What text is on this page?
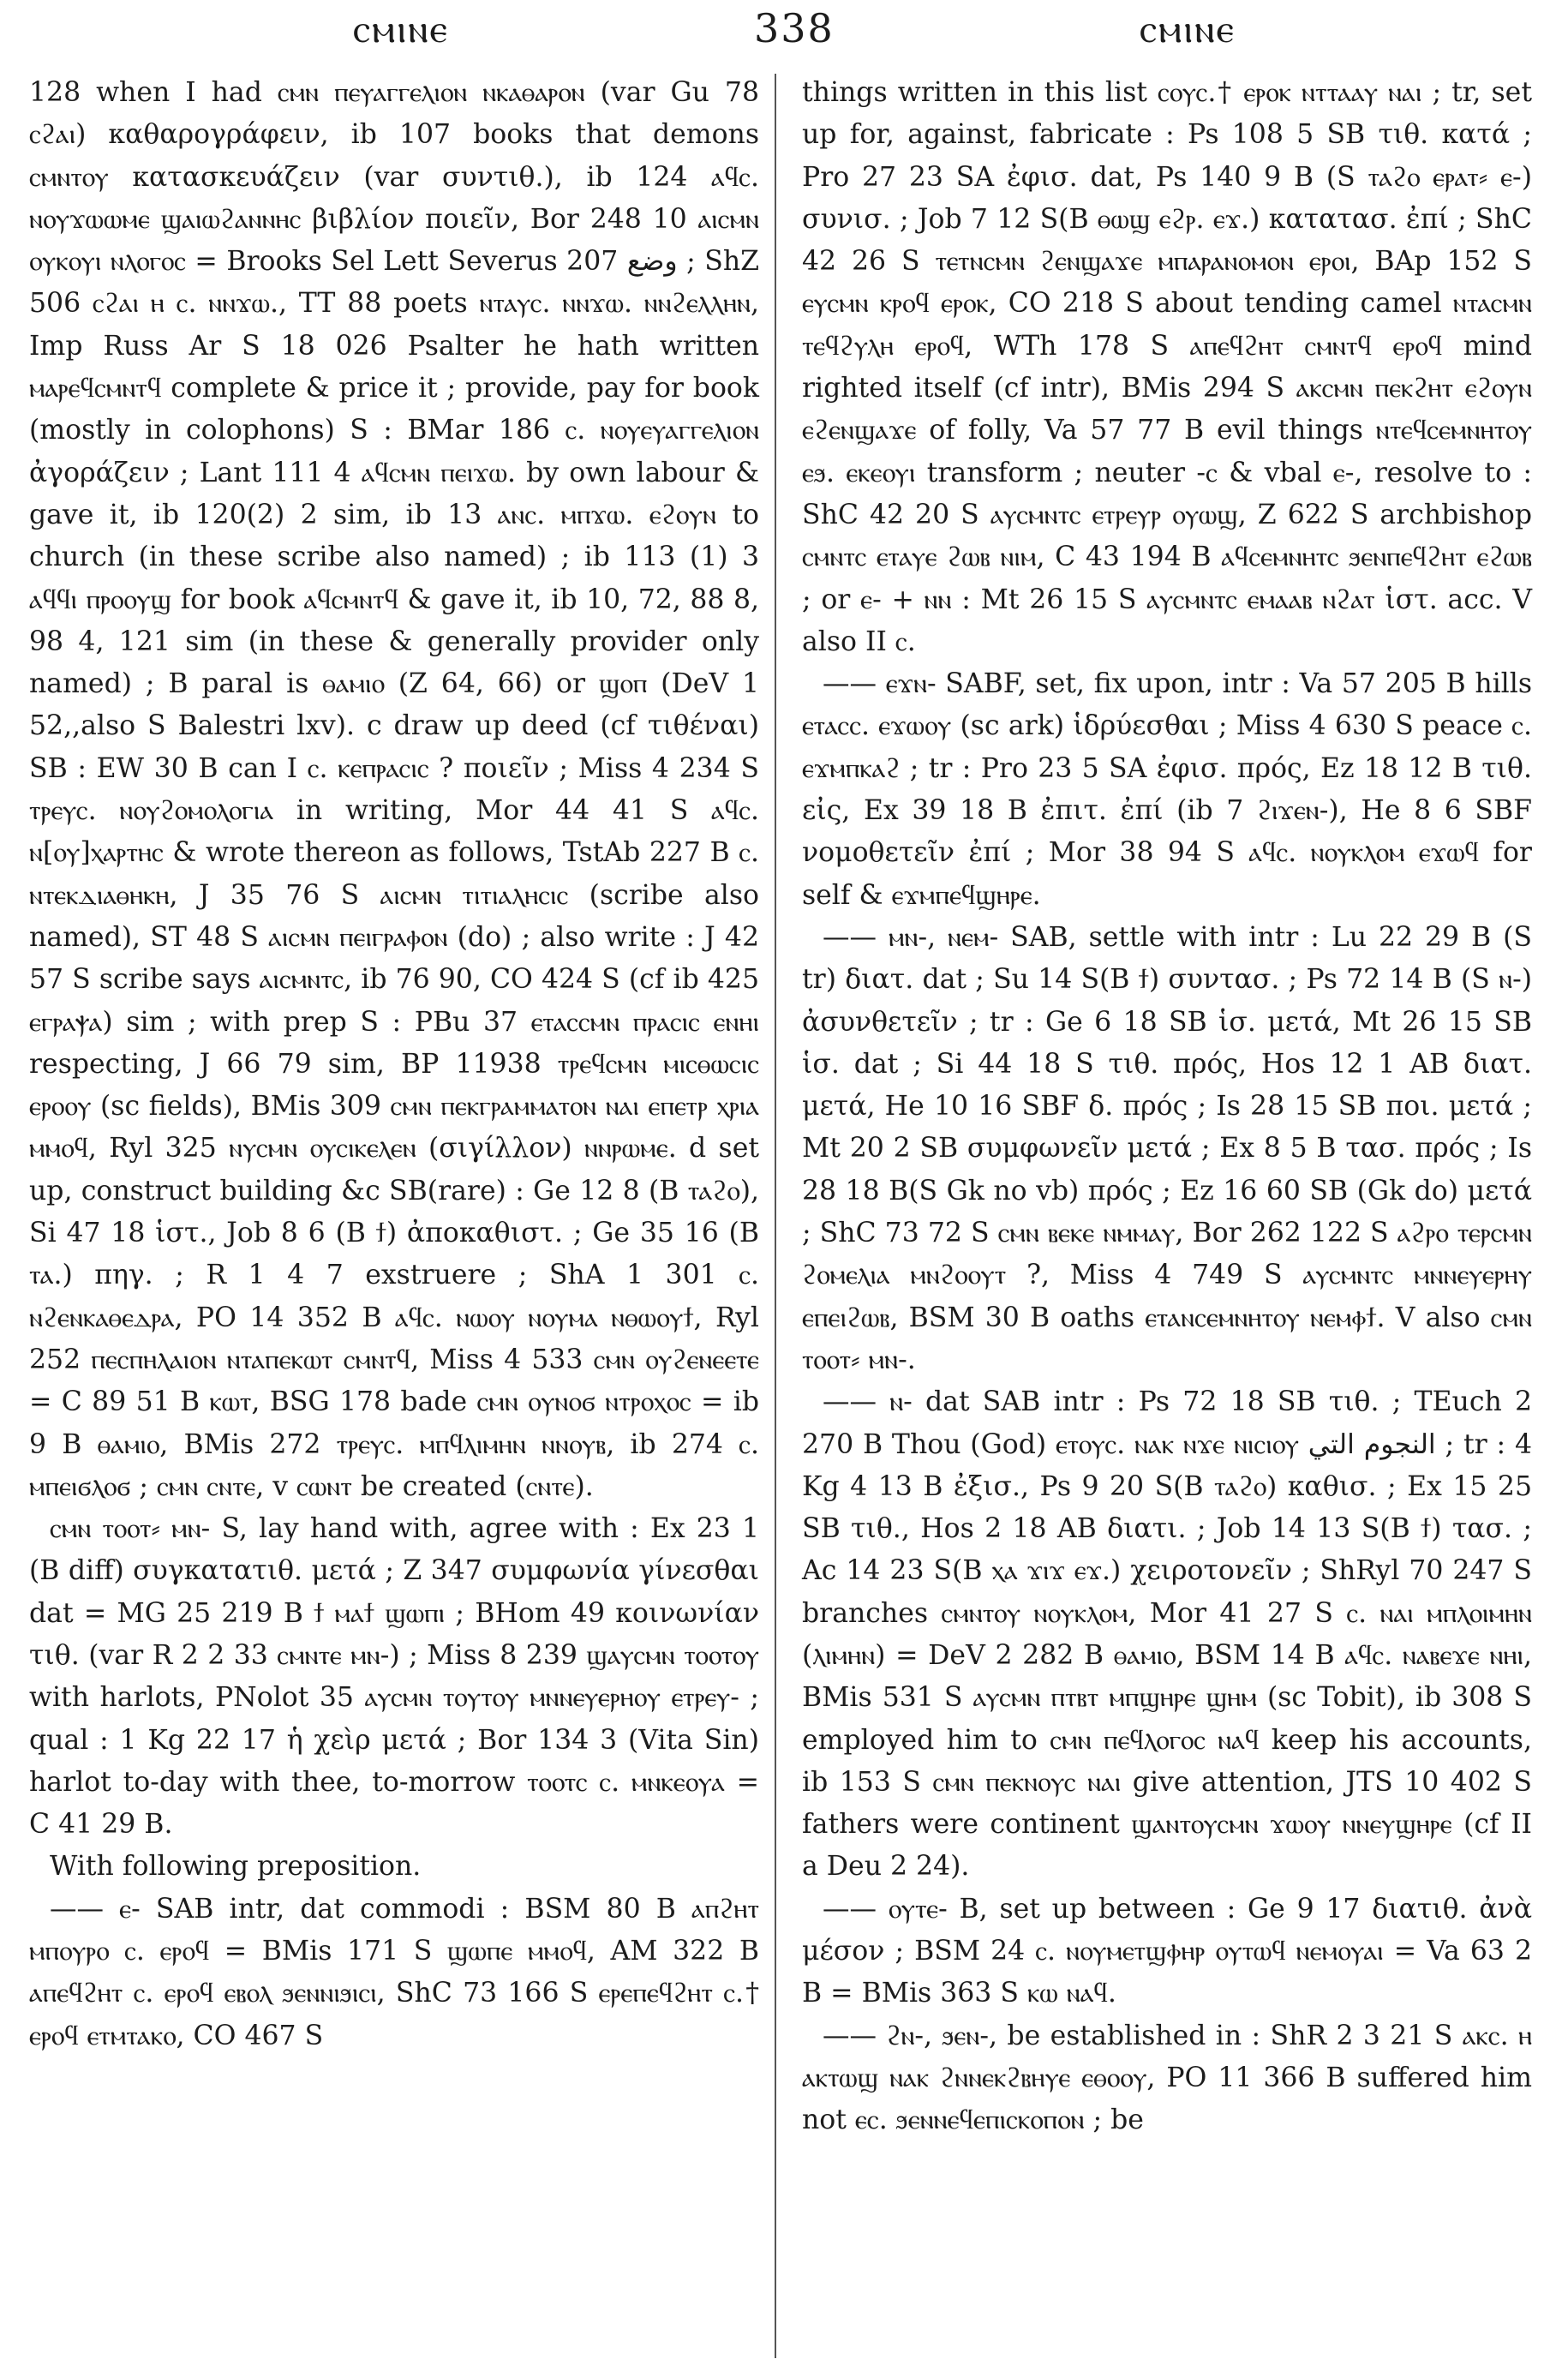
ⲥⲙⲓⲛⲉ	338	ⲥⲙⲓⲛⲉ

128 when I had ⲥⲙⲛ ⲡⲉⲩⲁⲅⲅⲉⲗⲓⲟⲛ ⲛⲕⲁⲑⲁⲣⲟⲛ (var Gu 78 ⲥϩⲁⲓ) καθαρογράφειν, ib 107 books that demons ⲥⲙⲛⲧⲟⲩ κατασκευάζειν (var συντιθ.), ib 124 ⲁϥⲥ. ⲛⲟⲩϫⲱⲱⲙⲉ ϣⲁⲓⲱϩⲁⲛⲛⲏⲥ βιβλίον ποιεῖν, Bor 248 10 ⲁⲓⲥⲙⲛ ⲟⲩⲕⲟⲩⲓ ⲛⲗⲟⲅⲟⲥ = Brooks Sel Lett Severus 207 وضع ; ShZ 506 ⲥϩⲁⲓ ⲏ ⲥ. ⲛⲛϫⲱ., TT 88 poets ⲛⲧⲁⲩⲥ. ⲛⲛϫⲱ. ⲛⲛϩⲉⲗⲗⲏⲛ, Imp Russ Ar S 18 026 Psalter he hath written ⲙⲁⲣⲉϥⲥⲙⲛⲧϥ complete & price it ; provide, pay for book (mostly in colophons) S : BMar 186 ⲥ. ⲛⲟⲩⲉⲩⲁⲅⲅⲉⲗⲓⲟⲛ ἀγοράζειν ; Lant 111 4 ⲁϥⲥⲙⲛ ⲡⲉⲓϫⲱ. by own labour & gave it, ib 120(2) 2 sim, ib 13 ⲁⲛⲥ. ⲙⲡϫⲱ. ⲉϩⲟⲩⲛ to church (in these scribe also named) ; ib 113 (1) 3 ⲁϥϥⲓ ⲡⲣⲟⲟⲩϣ for book ⲁϥⲥⲙⲛⲧϥ & gave it, ib 10, 72, 88 8, 98 4, 121 sim (in these & generally provider only named) ; B paral is ⲑⲁⲙⲓⲟ (Z 64, 66) or ϣⲟⲡ (DeV 1 52,,also S Balestri lxv). c draw up deed (cf τιθέναι) SB : EW 30 B can I ⲥ. ⲕⲉⲡⲣⲁⲥⲓⲥ ? ποιεῖν ; Miss 4 234 S ⲧⲣⲉⲩⲥ. ⲛⲟⲩϩⲟⲙⲟⲗⲟⲅⲓⲁ in writing, Mor 44 41 S ⲁϥⲥ. ⲛ[ⲟⲩ]ⲭⲁⲣⲧⲏⲥ & wrote thereon as follows, TstAb 227 B ⲥ. ⲛⲧⲉⲕⲇⲓⲁⲑⲏⲕⲏ, J 35 76 S ⲁⲓⲥⲙⲛ ⲧⲓⲧⲓⲁⲗⲏⲥⲓⲥ (scribe also named), ST 48 S ⲁⲓⲥⲙⲛ ⲡⲉⲓⲅⲣⲁⲫⲟⲛ (do) ; also write : J 42 57 S scribe says ⲁⲓⲥⲙⲛⲧⲥ, ib 76 90, CO 424 S (cf ib 425 ⲉⲅⲣⲁⲯⲁ) sim ; with prep S : PBu 37 ⲉⲧⲁⲥⲥⲙⲛ ⲡⲣⲁⲥⲓⲥ ⲉⲛⲏⲓ respecting, J 66 79 sim, BP 11938 ⲧⲣⲉϥⲥⲙⲛ ⲙⲓⲥⲑⲱⲥⲓⲥ ⲉⲣⲟⲟⲩ (sc fields), BMis 309 ⲥⲙⲛ ⲡⲉⲕⲅⲣⲁⲙⲙⲁⲧⲟⲛ ⲛⲁⲓ ⲉⲡⲉⲧⲣ ⲭⲣⲓⲁ ⲙⲙⲟϥ, Ryl 325 ⲛⲩⲥⲙⲛ ⲟⲩⲥⲓⲕⲉⲗⲉⲛ (σιγίλλον) ⲛⲛⲣⲱⲙⲉ. d set up, construct building &c SB(rare) : Ge 12 8 (B ⲧⲁϩⲟ), Si 47 18 ἱστ., Job 8 6 (B ϯ) ἀποκαθιστ. ; Ge 35 16 (B ⲧⲁ.) πηγ. ; R 1 4 7 exstruere ; ShA 1 301 ⲥ. ⲛϩⲉⲛⲕⲁⲑⲉⲇⲣⲁ, PO 14 352 B ⲁϥⲥ. ⲛⲱⲟⲩ ⲛⲟⲩⲙⲁ ⲛⲑⲱⲟⲩϯ, Ryl 252 ⲡⲉⲥⲡⲏⲗⲁⲓⲟⲛ ⲛⲧⲁⲡⲉⲕⲱⲧ ⲥⲙⲛⲧϥ, Miss 4 533 ⲥⲙⲛ ⲟⲩϩⲉⲛⲉⲉⲧⲉ = C 89 51 B ⲕⲱⲧ, BSG 178 bade ⲥⲙⲛ ⲟⲩⲛⲟϭ ⲛⲧⲣⲟⲭⲟⲥ = ib 9 B ⲑⲁⲙⲓⲟ, BMis 272 ⲧⲣⲉⲩⲥ. ⲙⲡϥⲗⲓⲙⲏⲛ ⲛⲛⲟⲩⲃ, ib 274 ⲥ. ⲙⲡⲉⲓϭⲗⲟϭ ; ⲥⲙⲛ ⲥⲛⲧⲉ, v ⲥⲱⲛⲧ be created (ⲥⲛⲧⲉ).

ⲥⲙⲛ ⲧⲟⲟⲧ⸗ ⲙⲛ- S, lay hand with, agree with : Ex 23 1 (B diff) συγκατατιθ. μετά ; Z 347 συμφωνία γίνεσθαι dat = MG 25 219 B ϯ ⲙⲁϯ ϣⲱⲡⲓ ; BHom 49 κοινωνίαν τιθ. (var R 2 2 33 ⲥⲙⲛⲧⲉ ⲙⲛ-) ; Miss 8 239 ϣⲁⲩⲥⲙⲛ ⲧⲟⲟⲧⲟⲩ with harlots, PNolot 35 ⲁⲩⲥⲙⲛ ⲧⲟⲩⲧⲟⲩ ⲙⲛⲛⲉⲩⲉⲣⲏⲟⲩ ⲉⲧⲣⲉⲩ- ; qual : 1 Kg 22 17 ἡ χεὶρ μετά ; Bor 134 3 (Vita Sin) harlot to-day with thee, to-morrow ⲧⲟⲟⲧⲥ ⲥ. ⲙⲛⲕⲉⲟⲩⲁ = C 41 29 B.

With following preposition.

—— ⲉ- SAB intr, dat commodi : BSM 80 B ⲁⲡϩⲏⲧ ⲙⲡⲟⲩⲣⲟ ⲥ. ⲉⲣⲟϥ = BMis 171 S ϣⲱⲡⲉ ⲙⲙⲟϥ, AM 322 B ⲁⲡⲉϥϩⲏⲧ ⲥ. ⲉⲣⲟϥ ⲉⲃⲟⲗ ϧⲉⲛⲛⲓϧⲓⲥⲓ, ShC 73 166 S ⲉⲣⲉⲡⲉϥϩⲏⲧ ⲥ.† ⲉⲣⲟϥ ⲉⲧⲙⲧⲁⲕⲟ, CO 467 S

things written in this list ⲥⲟⲩⲥ.† ⲉⲣⲟⲕ ⲛⲧⲧⲁⲁⲩ ⲛⲁⲓ ; tr, set up for, against, fabricate : Ps 108 5 SB τιθ. κατά ; Pro 27 23 SA ἐφισ. dat, Ps 140 9 B (S ⲧⲁϩⲟ ⲉⲣⲁⲧ⸗ ⲉ-) συνισ. ; Job 7 12 S(B ⲑⲱϣ ⲉϩⲣ. ⲉϫ.) κατατασ. ἐπί ; ShC 42 26 S ⲧⲉⲧⲛⲥⲙⲛ ϩⲉⲛϣⲁϫⲉ ⲙⲡⲁⲣⲁⲛⲟⲙⲟⲛ ⲉⲣⲟⲓ, BAp 152 S ⲉⲩⲥⲙⲛ ⲕⲣⲟϥ ⲉⲣⲟⲕ, CO 218 S about tending camel ⲛⲧⲁⲥⲙⲛ ⲧⲉϥϩⲩⲗⲏ ⲉⲣⲟϥ, WTh 178 S ⲁⲡⲉϥϩⲏⲧ ⲥⲙⲛⲧϥ ⲉⲣⲟϥ mind righted itself (cf intr), BMis 294 S ⲁⲕⲥⲙⲛ ⲡⲉⲕϩⲏⲧ ⲉϩⲟⲩⲛ ⲉϩⲉⲛϣⲁϫⲉ of folly, Va 57 77 B evil things ⲛⲧⲉϥⲥⲉⲙⲛⲏⲧⲟⲩ ⲉϧ. ⲉⲕⲉⲟⲩⲓ transform ; neuter -ⲥ & vbal ⲉ-, resolve to : ShC 42 20 S ⲁⲩⲥⲙⲛⲧⲥ ⲉⲧⲣⲉⲩⲣ ⲟⲩⲱϣ, Z 622 S archbishop ⲥⲙⲛⲧⲥ ⲉⲧⲁⲩⲉ ϩⲱⲃ ⲛⲓⲙ, C 43 194 B ⲁϥⲥⲉⲙⲛⲏⲧⲥ ϧⲉⲛⲡⲉϥϩⲏⲧ ⲉϩⲱⲃ ; or ⲉ- + ⲛⲛ : Mt 26 15 S ⲁⲩⲥⲙⲛⲧⲥ ⲉⲙⲁⲁⲃ ⲛϩⲁⲧ ἱστ. acc. V also II ⲥ.

—— ⲉϫⲛ- SABF, set, fix upon, intr : Va 57 205 B hills ⲉⲧⲁⲥⲥ. ⲉϫⲱⲟⲩ (sc ark) ἱδρύεσθαι ; Miss 4 630 S peace ⲥ. ⲉϫⲙⲡⲕⲁϩ ; tr : Pro 23 5 SA ἐφισ. πρός, Ez 18 12 B τιθ. εἰς, Ex 39 18 B ἐπιτ. ἐπί (ib 7 ϩⲓϫⲉⲛ-), He 8 6 SBF νομοθετεῖν ἐπί ; Mor 38 94 S ⲁϥⲥ. ⲛⲟⲩⲕⲗⲟⲙ ⲉϫⲱϥ for self & ⲉϫⲙⲡⲉϥϣⲏⲣⲉ.

—— ⲙⲛ-, ⲛⲉⲙ- SAB, settle with intr : Lu 22 29 B (S tr) διατ. dat ; Su 14 S(B ϯ) συντασ. ; Ps 72 14 B (S ⲛ-) ἀσυνθετεῖν ; tr : Ge 6 18 SB ἱσ. μετά, Mt 26 15 SB ἱσ. dat ; Si 44 18 S τιθ. πρός, Hos 12 1 AB διατ. μετά, He 10 16 SBF δ. πρός ; Is 28 15 SB ποι. μετά ; Mt 20 2 SB συμφωνεῖν μετά ; Ex 8 5 B τασ. πρός ; Is 28 18 B(S Gk no vb) πρός ; Ez 16 60 SB (Gk do) μετά ; ShC 73 72 S ⲥⲙⲛ ⲃⲉⲕⲉ ⲛⲙⲙⲁⲩ, Bor 262 122 S ⲁϩⲣⲟ ⲧⲉⲣⲥⲙⲛ ϩⲟⲙⲉⲗⲓⲁ ⲙⲛϩⲟⲟⲩⲧ ?, Miss 4 749 S ⲁⲩⲥⲙⲛⲧⲥ ⲙⲛⲛⲉⲩⲉⲣⲏⲩ ⲉⲡⲉⲓϩⲱⲃ, BSM 30 B oaths ⲉⲧⲁⲛⲥⲉⲙⲛⲏⲧⲟⲩ ⲛⲉⲙⲫϯ. V also ⲥⲙⲛ ⲧⲟⲟⲧ⸗ ⲙⲛ-.

—— ⲛ- dat SAB intr : Ps 72 18 SB τιθ. ; TEuch 2 270 B Thou (God) ⲉⲧⲟⲩⲥ. ⲛⲁⲕ ⲛϫⲉ ⲛⲓⲥⲓⲟⲩ النجوم التي ; tr : 4 Kg 4 13 B ἐξισ., Ps 9 20 S(B ⲧⲁϩⲟ) καθισ. ; Ex 15 25 SB τιθ., Hos 2 18 AB διατι. ; Job 14 13 S(B ϯ) τασ. ; Ac 14 23 S(B ⲭⲁ ϫⲓϫ ⲉϫ.) χειροτονεῖν ; ShRyl 70 247 S branches ⲥⲙⲛⲧⲟⲩ ⲛⲟⲩⲕⲗⲟⲙ, Mor 41 27 S ⲥ. ⲛⲁⲓ ⲙⲡⲗⲟⲓⲙⲏⲛ (ⲗⲓⲙⲏⲛ) = DeV 2 282 B ⲑⲁⲙⲓⲟ, BSM 14 B ⲁϥⲥ. ⲛⲁⲃⲉϫⲉ ⲛⲏⲓ, BMis 531 S ⲁⲩⲥⲙⲛ ⲡⲧⲃⲧ ⲙⲡϣⲏⲣⲉ ϣⲏⲙ (sc Tobit), ib 308 S employed him to ⲥⲙⲛ ⲡⲉϥⲗⲟⲅⲟⲥ ⲛⲁϥ keep his accounts, ib 153 S ⲥⲙⲛ ⲡⲉⲕⲛⲟⲩⲥ ⲛⲁⲓ give attention, JTS 10 402 S fathers were continent ϣⲁⲛⲧⲟⲩⲥⲙⲛ ϫⲱⲟⲩ ⲛⲛⲉⲩϣⲏⲣⲉ (cf II a Deu 2 24).

—— ⲟⲩⲧⲉ- B, set up between : Ge 9 17 διατιθ. ἀνὰ μέσον ; BSM 24 ⲥ. ⲛⲟⲩⲙⲉⲧϣⲫⲏⲣ ⲟⲩⲧⲱϥ ⲛⲉⲙⲟⲩⲁⲓ = Va 63 2 B = BMis 363 S ⲕⲱ ⲛⲁϥ.

—— ϩⲛ-, ϧⲉⲛ-, be established in : ShR 2 3 21 S ⲁⲕⲥ. ⲏ ⲁⲕⲧⲱϣ ⲛⲁⲕ ϩⲛⲛⲉⲕϩⲃⲏⲩⲉ ⲉⲑⲟⲟⲩ, PO 11 366 B suffered him not ⲉⲥ. ϧⲉⲛⲛⲉϥⲉⲡⲓⲥⲕⲟⲡⲟⲛ ; be
